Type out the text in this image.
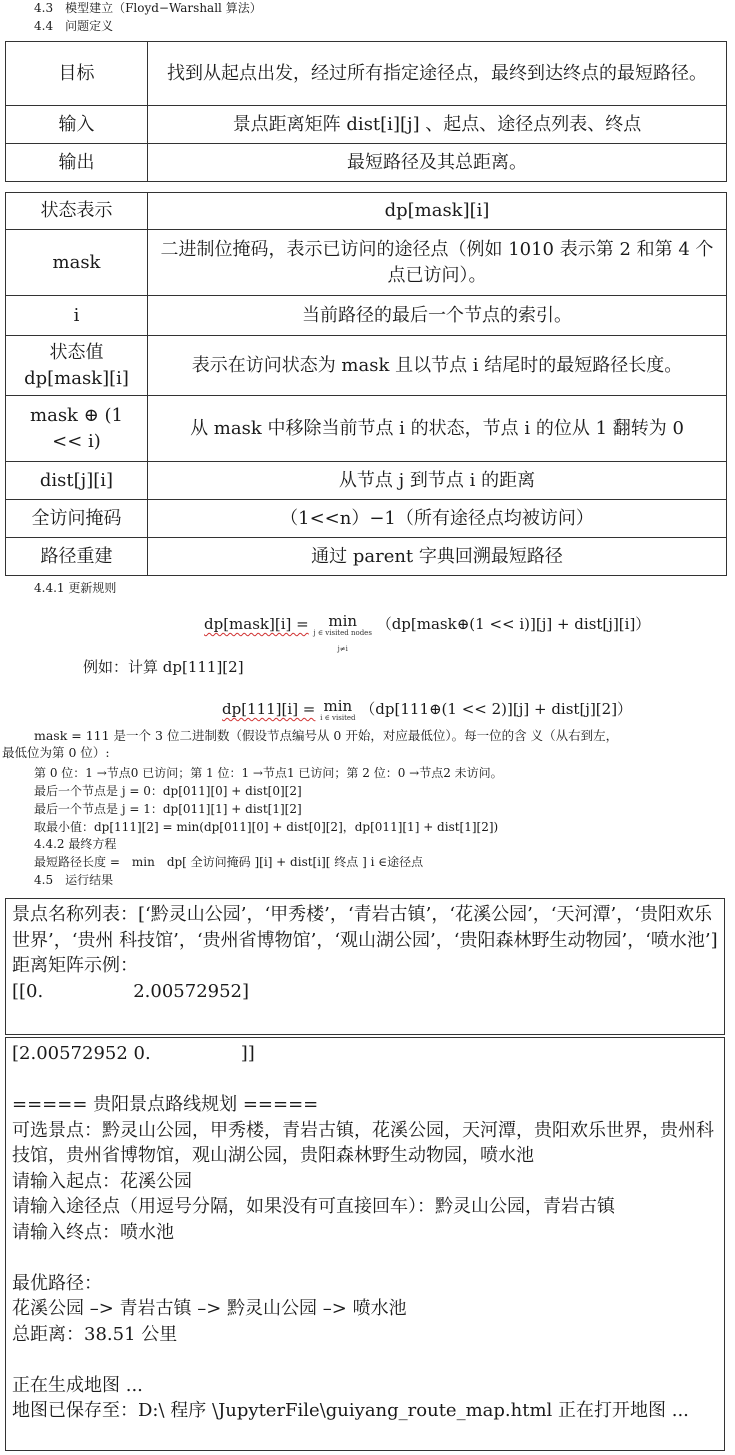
4.3　模型建立（Floyd−Warshall 算法）
4.4　问题定义
目标	找到从起点出发，经过所有指定途径点，最终到达终点的最短路径。
输入	景点距离矩阵 dist[i][j] 、起点、途径点列表、终点
输出	最短路径及其总距离。
状态表示	dp[mask][i]
mask	二进制位掩码，表示已访问的途径点（例如 1010 表示第 2 和第 4 个点已访问）。
i	当前路径的最后一个节点的索引。
状态值 dp[mask][i]	表示在访问状态为 mask 且以节点 i 结尾时的最短路径长度。
mask ⊕ (1 << i)	从 mask 中移除当前节点 i 的状态，节点 i 的位从 1 翻转为 0
dist[j][i]	从节点 j 到节点 i 的距离
全访问掩码	（1<<n）−1（所有途径点均被访问）
路径重建	通过 parent 字典回溯最短路径
4.4.1 更新规则
dp[mask][i] =	min
j ∈ visited nodes
j≠i
（dp[mask⊕(1 << i)][j] + dist[j][i]）
例如：计算 dp[111][2]
dp[111][i] = min
i ∈ visited （dp[111⊕(1 << 2)][j] + dist[j][2]）
mask = 111 是一个 3 位二进制数（假设节点编号从 0 开始，对应最低位）。每一位的含 义（从右到左，
最低位为第 0 位）:
第 0 位：1 →节点0 已访问；第 1 位：1 →节点1 已访问；第 2 位：0 →节点2 未访问。
最后一个节点是 j = 0：dp[011][0] + dist[0][2]
最后一个节点是 j = 1：dp[011][1] + dist[1][2]
取最小值：dp[111][2] = min(dp[011][0] + dist[0][2]，dp[011][1] + dist[1][2])
4.4.2 最终方程
最短路径长度 =　min　dp[ 全访问掩码 ][i] + dist[i][ 终点 ] i ∈途径点
4.5　运行结果
景点名称列表：[‘黔灵山公园’，‘甲秀楼’，‘青岩古镇’，‘花溪公园’，‘天河潭’，‘贵阳欢乐世界’，‘贵州 科技馆’，‘贵州省博物馆’，‘观山湖公园’，‘贵阳森林野生动物园’，‘喷水池’]
距离矩阵示例：
[[0.　　　　　2.00572952]
[2.00572952 0.　　　　　]]
===== 贵阳景点路线规划 =====
可选景点：黔灵山公园，甲秀楼，青岩古镇，花溪公园，天河潭，贵阳欢乐世界，贵州科技馆，贵州省博物馆，观山湖公园，贵阳森林野生动物园，喷水池
请输入起点：花溪公园
请输入途径点（用逗号分隔，如果没有可直接回车）：黔灵山公园，青岩古镇
请输入终点：喷水池
最优路径：
花溪公园 –> 青岩古镇 –> 黔灵山公园 –> 喷水池
总距离：38.51 公里
正在生成地图 ...
地图已保存至：D:\ 程序 \JupyterFile\guiyang_route_map.html 正在打开地图 ...
